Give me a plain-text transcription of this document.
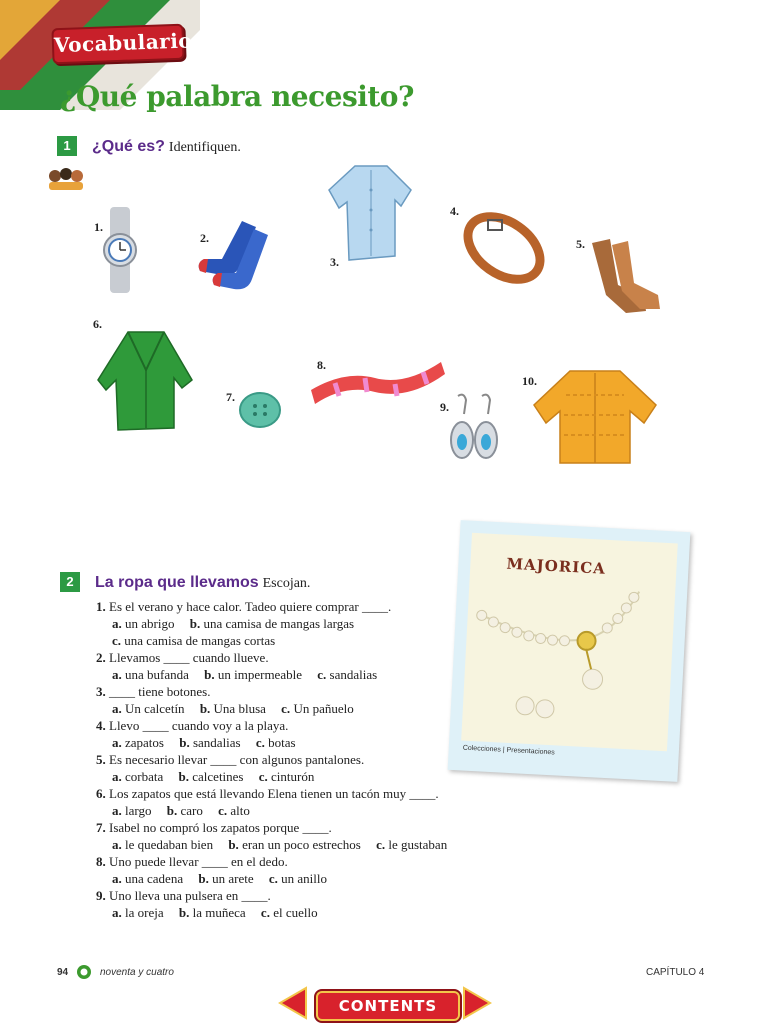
Vocabulario
¿Qué palabra necesito?
1	¿Qué es? Identifiquen.
1.
2.
3.
4.
5.
6.
7.
8.
9.
10.
MAJORICA
Colecciones | Presentaciones
2	La ropa que llevamos Escojan.
1. Es el verano y hace calor. Tadeo quiere comprar ____.
a. un abrigo b. una camisa de mangas largas
c. una camisa de mangas cortas
2. Llevamos ____ cuando llueve.
a. una bufanda b. un impermeable c. sandalias
3. ____ tiene botones.
a. Un calcetín b. Una blusa c. Un pañuelo
4. Llevo ____ cuando voy a la playa.
a. zapatos b. sandalias c. botas
5. Es necesario llevar ____ con algunos pantalones.
a. corbata b. calcetines c. cinturón
6. Los zapatos que está llevando Elena tienen un tacón muy ____.
a. largo b. caro c. alto
7. Isabel no compró los zapatos porque ____.
a. le quedaban bien b. eran un poco estrechos c. le gustaban
8. Uno puede llevar ____ en el dedo.
a. una cadena b. un arete c. un anillo
9. Uno lleva una pulsera en ____.
a. la oreja b. la muñeca c. el cuello
94	noventa y cuatro	CAPÍTULO 4
CONTENTS
